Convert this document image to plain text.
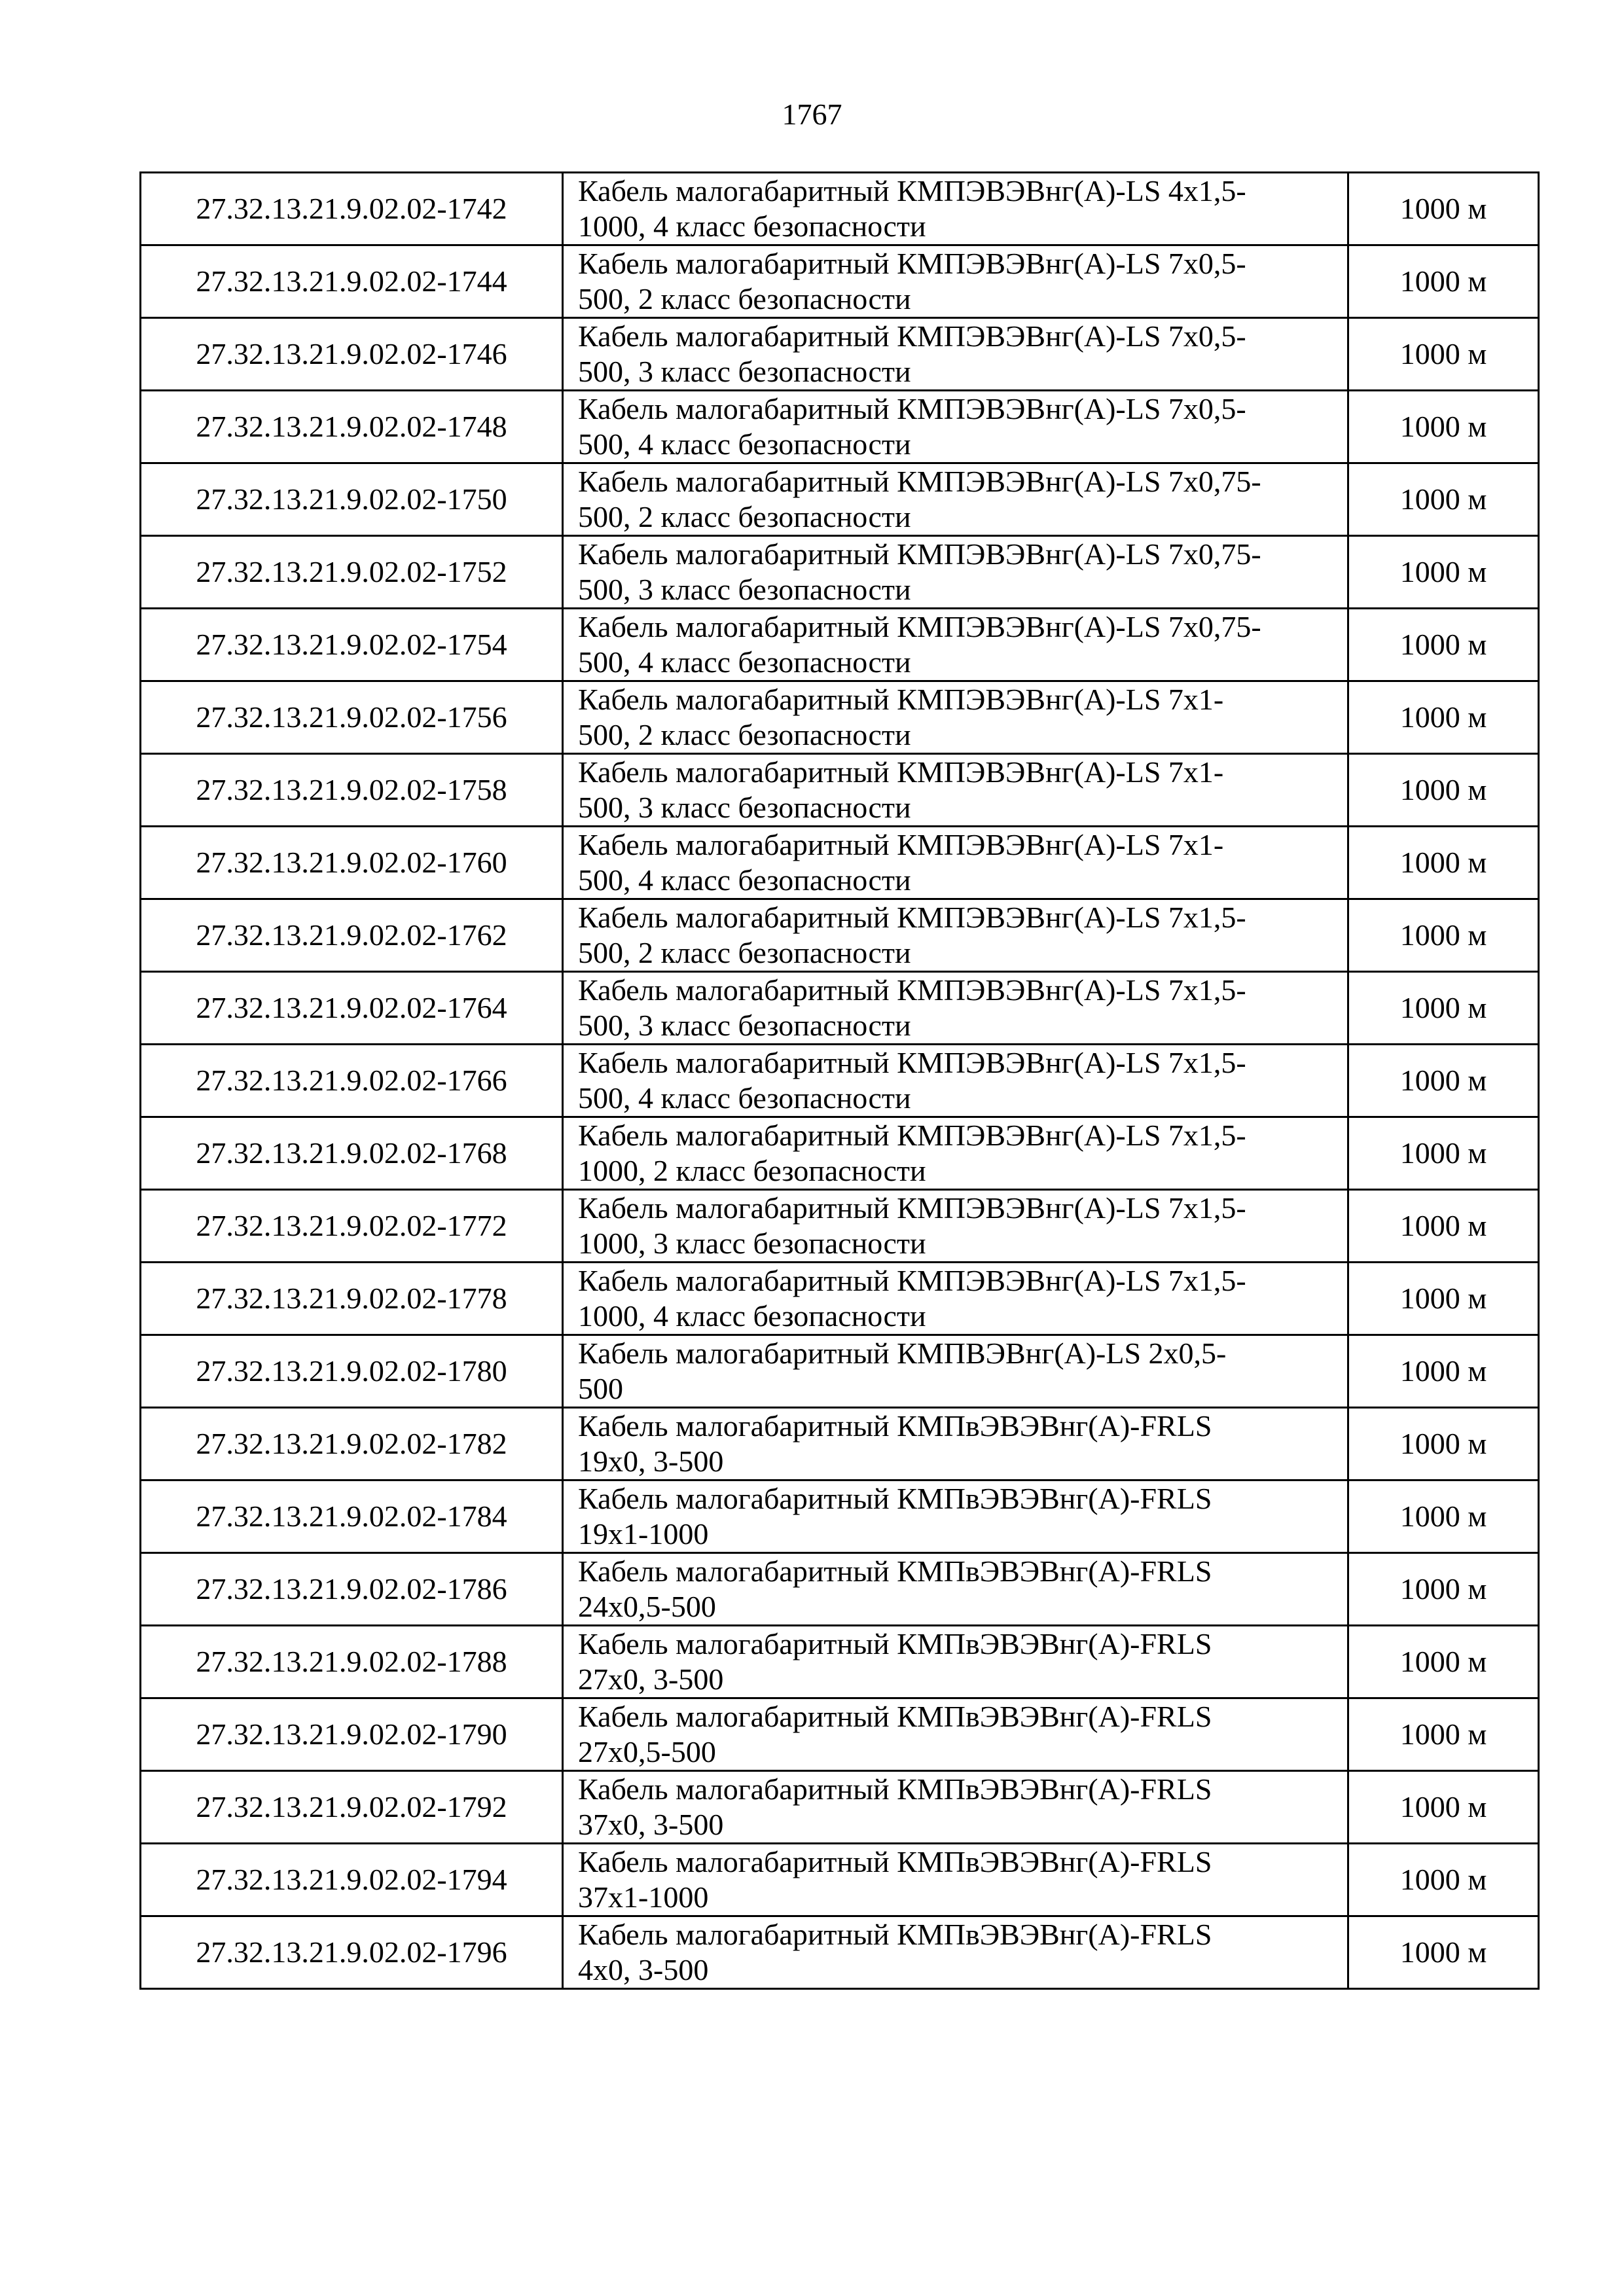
1767
27.32.13.21.9.02.02-1742	Кабель малогабаритный КМПЭВЭВнг(А)-LS 4x1,5-
1000, 4 класс безопасности	1000 м
27.32.13.21.9.02.02-1744	Кабель малогабаритный КМПЭВЭВнг(А)-LS 7x0,5-
500, 2 класс безопасности	1000 м
27.32.13.21.9.02.02-1746	Кабель малогабаритный КМПЭВЭВнг(А)-LS 7x0,5-
500, 3 класс безопасности	1000 м
27.32.13.21.9.02.02-1748	Кабель малогабаритный КМПЭВЭВнг(А)-LS 7x0,5-
500, 4 класс безопасности	1000 м
27.32.13.21.9.02.02-1750	Кабель малогабаритный КМПЭВЭВнг(А)-LS 7x0,75-
500, 2 класс безопасности	1000 м
27.32.13.21.9.02.02-1752	Кабель малогабаритный КМПЭВЭВнг(А)-LS 7x0,75-
500, 3 класс безопасности	1000 м
27.32.13.21.9.02.02-1754	Кабель малогабаритный КМПЭВЭВнг(А)-LS 7x0,75-
500, 4 класс безопасности	1000 м
27.32.13.21.9.02.02-1756	Кабель малогабаритный КМПЭВЭВнг(А)-LS 7x1-
500, 2 класс безопасности	1000 м
27.32.13.21.9.02.02-1758	Кабель малогабаритный КМПЭВЭВнг(А)-LS 7x1-
500, 3 класс безопасности	1000 м
27.32.13.21.9.02.02-1760	Кабель малогабаритный КМПЭВЭВнг(А)-LS 7x1-
500, 4 класс безопасности	1000 м
27.32.13.21.9.02.02-1762	Кабель малогабаритный КМПЭВЭВнг(А)-LS 7x1,5-
500, 2 класс безопасности	1000 м
27.32.13.21.9.02.02-1764	Кабель малогабаритный КМПЭВЭВнг(А)-LS 7x1,5-
500, 3 класс безопасности	1000 м
27.32.13.21.9.02.02-1766	Кабель малогабаритный КМПЭВЭВнг(А)-LS 7x1,5-
500, 4 класс безопасности	1000 м
27.32.13.21.9.02.02-1768	Кабель малогабаритный КМПЭВЭВнг(А)-LS 7x1,5-
1000, 2 класс безопасности	1000 м
27.32.13.21.9.02.02-1772	Кабель малогабаритный КМПЭВЭВнг(А)-LS 7x1,5-
1000, 3 класс безопасности	1000 м
27.32.13.21.9.02.02-1778	Кабель малогабаритный КМПЭВЭВнг(А)-LS 7x1,5-
1000, 4 класс безопасности	1000 м
27.32.13.21.9.02.02-1780	Кабель малогабаритный КМПВЭВнг(А)-LS 2x0,5-
500	1000 м
27.32.13.21.9.02.02-1782	Кабель малогабаритный КМПвЭВЭВнг(А)-FRLS
19x0, 3-500	1000 м
27.32.13.21.9.02.02-1784	Кабель малогабаритный КМПвЭВЭВнг(А)-FRLS
19x1-1000	1000 м
27.32.13.21.9.02.02-1786	Кабель малогабаритный КМПвЭВЭВнг(А)-FRLS
24x0,5-500	1000 м
27.32.13.21.9.02.02-1788	Кабель малогабаритный КМПвЭВЭВнг(А)-FRLS
27x0, 3-500	1000 м
27.32.13.21.9.02.02-1790	Кабель малогабаритный КМПвЭВЭВнг(А)-FRLS
27x0,5-500	1000 м
27.32.13.21.9.02.02-1792	Кабель малогабаритный КМПвЭВЭВнг(А)-FRLS
37x0, 3-500	1000 м
27.32.13.21.9.02.02-1794	Кабель малогабаритный КМПвЭВЭВнг(А)-FRLS
37x1-1000	1000 м
27.32.13.21.9.02.02-1796	Кабель малогабаритный КМПвЭВЭВнг(А)-FRLS
4x0, 3-500	1000 м
